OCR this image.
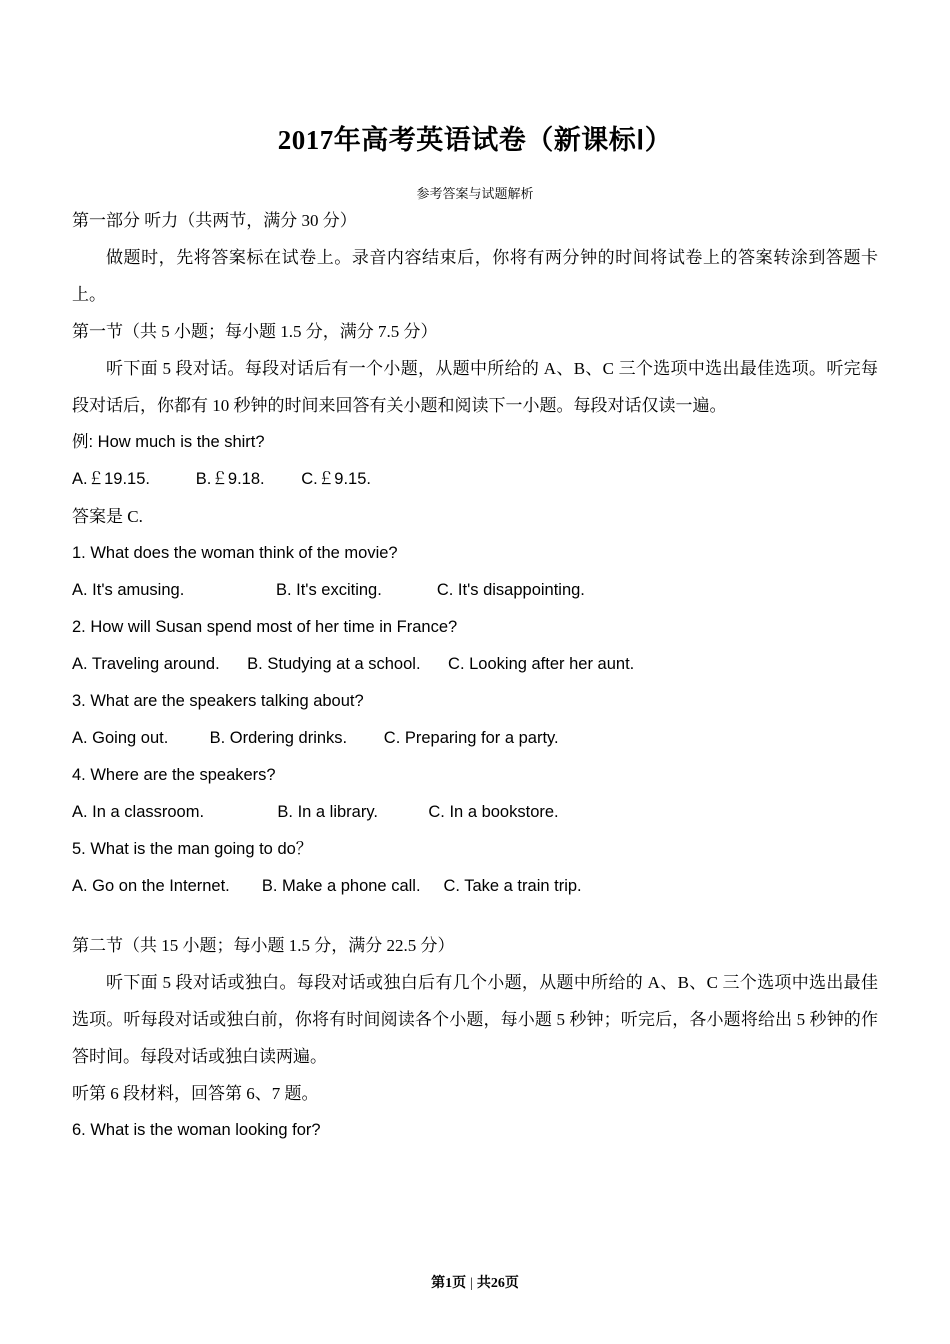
2017年高考英语试卷（新课标Ⅰ）
参考答案与试题解析

第一部分 听力（共两节，满分 30 分）

做题时，先将答案标在试卷上。录音内容结束后，你将有两分钟的时间将试卷上的答案转涂到答题卡上。

第一节（共 5 小题；每小题 1.5 分，满分 7.5 分）

听下面 5 段对话。每段对话后有一个小题，从题中所给的 A、B、C 三个选项中选出最佳选项。听完每段对话后，你都有 10 秒钟的时间来回答有关小题和阅读下一小题。每段对话仅读一遍。

例: How much is the shirt?

A.￡19.15.          B.￡9.18.        C.￡9.15.

答案是 C.

1. What does the woman think of the movie?

A. It's amusing.                    B. It's exciting.            C. It's disappointing.

2. How will Susan spend most of her time in France?

A. Traveling around.      B. Studying at a school.      C. Looking after her aunt.

3. What are the speakers talking about?

A. Going out.         B. Ordering drinks.        C. Preparing for a party.

4. Where are the speakers?

A. In a classroom.                B. In a library.           C. In a bookstore.

5. What is the man going to do？

A. Go on the Internet.       B. Make a phone call.     C. Take a train trip.

第二节（共 15 小题；每小题 1.5 分，满分 22.5 分）

听下面 5 段对话或独白。每段对话或独白后有几个小题，从题中所给的 A、B、C 三个选项中选出最佳选项。听每段对话或独白前，你将有时间阅读各个小题，每小题 5 秒钟；听完后，各小题将给出 5 秒钟的作答时间。每段对话或独白读两遍。

听第 6 段材料，回答第 6、7 题。

6. What is the woman looking for?

第1页 | 共26页
